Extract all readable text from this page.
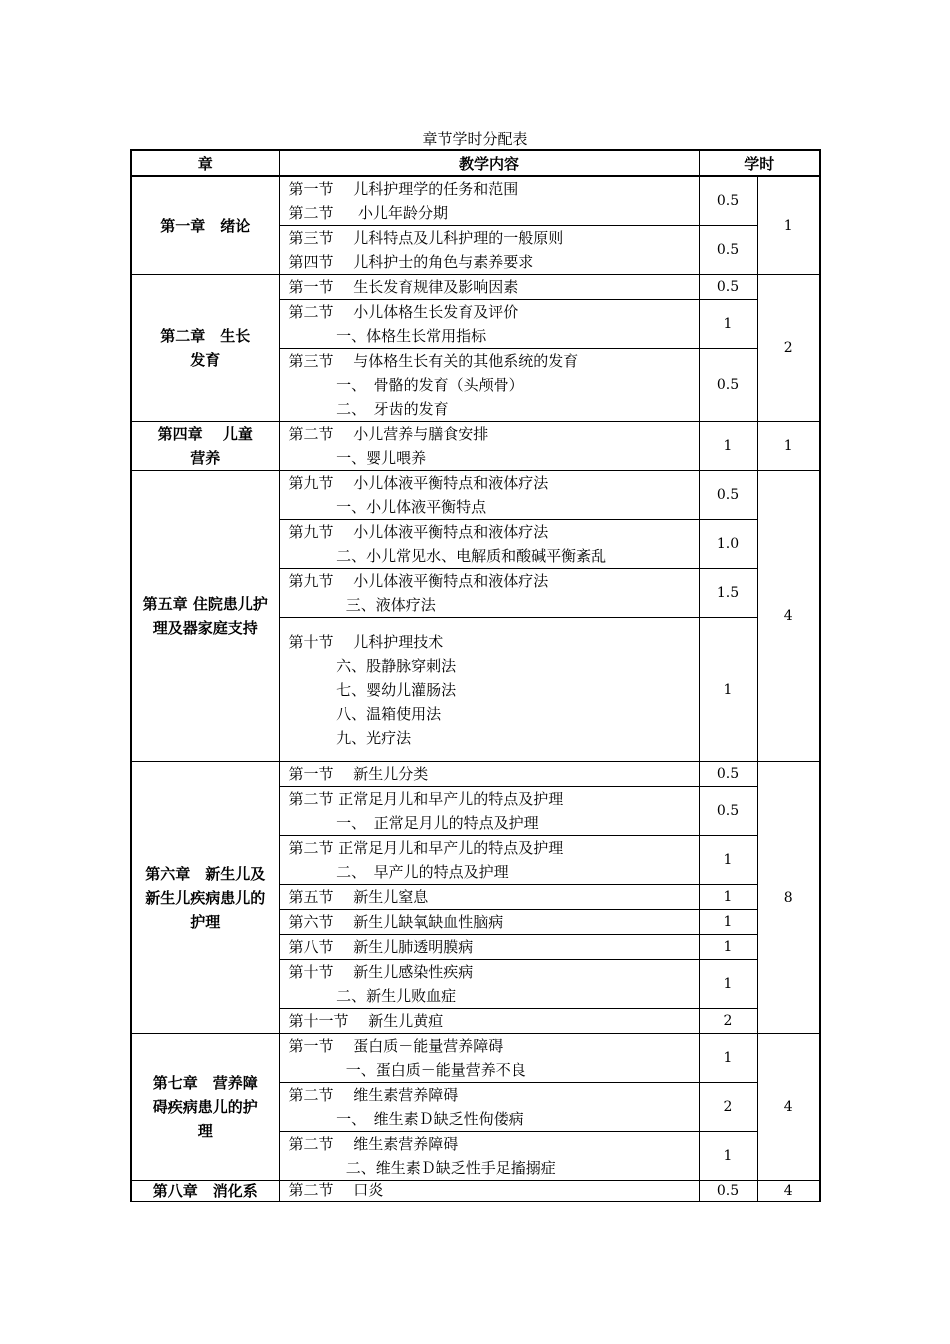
章节学时分配表
章	教学内容	学时	

第一章　绪论	第一节　 儿科护理学的任务和范围
第二节　  小儿年龄分期	0.5	1

	第三节　 儿科特点及儿科护理的一般原则
第四节　 儿科护士的角色与素养要求	0.5	

第二章　生长发育	第一节　 生长发育规律及影响因素	0.5	2

	第二节　 小儿体格生长发育及评价
一、体格生长常用指标	1	

	第三节　 与体格生长有关的其他系统的发育
一、　骨骼的发育（头颅骨）
二、　牙齿的发育	0.5	

第四章　 儿童营养	第二节　 小儿营养与膳食安排
一、婴儿喂养	1	1

第五章 住院患儿护理及器家庭支持	第九节　 小儿体液平衡特点和液体疗法
一、小儿体液平衡特点	0.5	4

	第九节　 小儿体液平衡特点和液体疗法
二、小儿常见水、电解质和酸碱平衡紊乱	1.0	

	第九节　 小儿体液平衡特点和液体疗法
三、液体疗法	1.5	

	第十节　 儿科护理技术
六、股静脉穿刺法
七、婴幼儿灌肠法
八、温箱使用法
九、光疗法	1	

第六章　新生儿及新生儿疾病患儿的护理	第一节　 新生儿分类	0.5	8

	第二节 正常足月儿和早产儿的特点及护理
一、　正常足月儿的特点及护理	0.5	

	第二节 正常足月儿和早产儿的特点及护理
二、　早产儿的特点及护理	1	

	第五节　 新生儿窒息	1	

	第六节　 新生儿缺氧缺血性脑病	1	

	第八节　 新生儿肺透明膜病	1	

	第十节　 新生儿感染性疾病
二、新生儿败血症	1	

	第十一节　 新生儿黄疸	2	

第七章　营养障碍疾病患儿的护理	第一节　 蛋白质－能量营养障碍
一、蛋白质－能量营养不良	1	4

	第二节　 维生素营养障碍
一、　维生素Ｄ缺乏性佝偻病	2	

	第二节　 维生素营养障碍
二、维生素Ｄ缺乏性手足搐搦症	1	

第八章　消化系	第二节　 口炎	0.5	4
